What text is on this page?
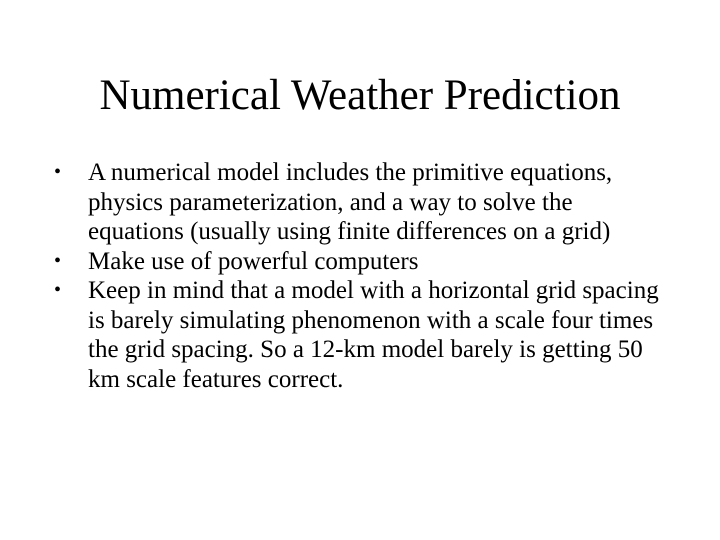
Numerical Weather Prediction
• A numerical model includes the primitive equations, physics parameterization, and a way to solve the equations (usually using finite differences on a grid)
• Make use of powerful computers
• Keep in mind that a model with a horizontal grid spacing is barely simulating phenomenon with a scale four times the grid spacing. So a 12-km model barely is getting 50 km scale features correct.
